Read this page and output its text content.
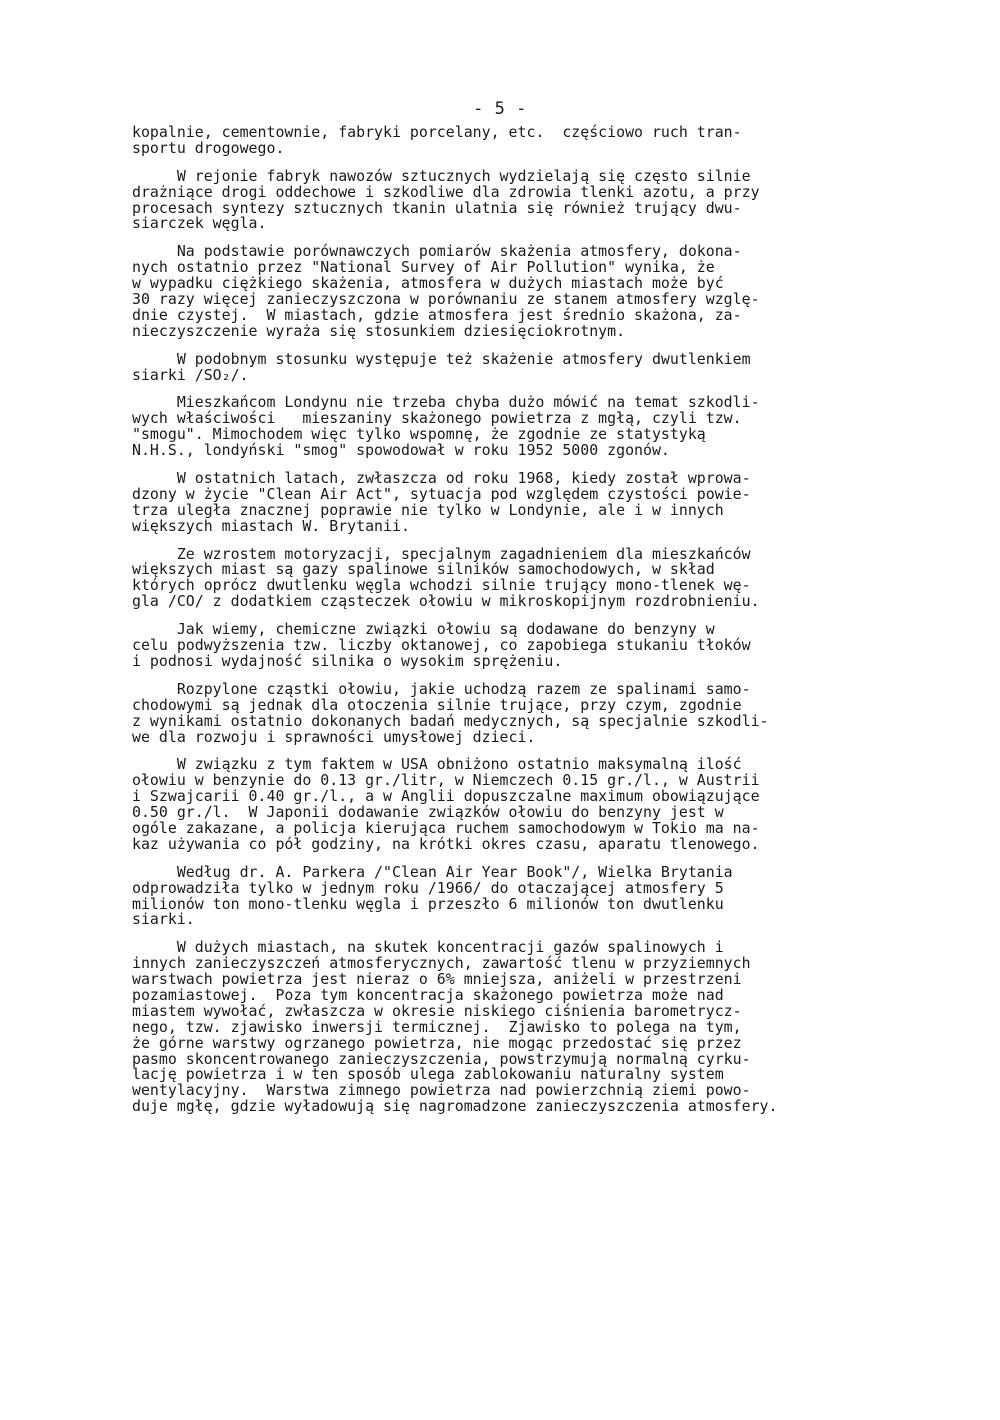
- 5 -
kopalnie, cementownie, fabryki porcelany, etc.  częściowo ruch tran-
sportu drogowego.
W rejonie fabryk nawozów sztucznych wydzielają się często silnie
drażniące drogi oddechowe i szkodliwe dla zdrowia tlenki azotu, a przy
procesach syntezy sztucznych tkanin ulatnia się również trujący dwu-
siarczek węgla.
Na podstawie porównawczych pomiarów skażenia atmosfery, dokona-
nych ostatnio przez "National Survey of Air Pollution" wynika, że
w wypadku ciężkiego skażenia, atmosfera w dużych miastach może być
30 razy więcej zanieczyszczona w porównaniu ze stanem atmosfery wzglę-
dnie czystej.  W miastach, gdzie atmosfera jest średnio skażona, za-
nieczyszczenie wyraża się stosunkiem dziesięciokrotnym.
W podobnym stosunku występuje też skażenie atmosfery dwutlenkiem
siarki /SO₂/.
Mieszkańcom Londynu nie trzeba chyba dużo mówić na temat szkodli-
wych właściwości   mieszaniny skażonego powietrza z mgłą, czyli tzw.
"smogu". Mimochodem więc tylko wspomnę, że zgodnie ze statystyką
N.H.S., londyński "smog" spowodował w roku 1952 5000 zgonów.
W ostatnich latach, zwłaszcza od roku 1968, kiedy został wprowa-
dzony w życie "Clean Air Act", sytuacja pod względem czystości powie-
trza uległa znacznej poprawie nie tylko w Londynie, ale i w innych
większych miastach W. Brytanii.
Ze wzrostem motoryzacji, specjalnym zagadnieniem dla mieszkańców
większych miast są gazy spalinowe silników samochodowych, w skład
których oprócz dwutlenku węgla wchodzi silnie trujący mono-tlenek wę-
gla /CO/ z dodatkiem cząsteczek ołowiu w mikroskopijnym rozdrobnieniu.
Jak wiemy, chemiczne związki ołowiu są dodawane do benzyny w
celu podwyższenia tzw. liczby oktanowej, co zapobiega stukaniu tłoków
i podnosi wydajność silnika o wysokim sprężeniu.
Rozpylone cząstki ołowiu, jakie uchodzą razem ze spalinami samo-
chodowymi są jednak dla otoczenia silnie trujące, przy czym, zgodnie
z wynikami ostatnio dokonanych badań medycznych, są specjalnie szkodli-
we dla rozwoju i sprawności umysłowej dzieci.
W związku z tym faktem w USA obniżono ostatnio maksymalną ilość
ołowiu w benzynie do 0.13 gr./litr, w Niemczech 0.15 gr./l., w Austrii
i Szwajcarii 0.40 gr./l., a w Anglii dopuszczalne maximum obowiązujące
0.50 gr./l.  W Japonii dodawanie związków ołowiu do benzyny jest w
ogóle zakazane, a policja kierująca ruchem samochodowym w Tokio ma na-
kaz używania co pół godziny, na krótki okres czasu, aparatu tlenowego.
Według dr. A. Parkera /"Clean Air Year Book"/, Wielka Brytania
odprowadziła tylko w jednym roku /1966/ do otaczającej atmosfery 5
milionów ton mono-tlenku węgla i przeszło 6 milionów ton dwutlenku
siarki.
W dużych miastach, na skutek koncentracji gazów spalinowych i
innych zanieczyszczeń atmosferycznych, zawartość tlenu w przyziemnych
warstwach powietrza jest nieraz o 6% mniejsza, aniżeli w przestrzeni
pozamiastowej.  Poza tym koncentracja skażonego powietrza może nad
miastem wywołać, zwłaszcza w okresie niskiego ciśnienia barometrycz-
nego, tzw. zjawisko inwersji termicznej.  Zjawisko to polega na tym,
że górne warstwy ogrzanego powietrza, nie mogąc przedostać się przez
pasmo skoncentrowanego zanieczyszczenia, powstrzymują normalną cyrku-
lację powietrza i w ten sposób ulega zablokowaniu naturalny system
wentylacyjny.  Warstwa zimnego powietrza nad powierzchnią ziemi powo-
duje mgłę, gdzie wyładowują się nagromadzone zanieczyszczenia atmosfery.
